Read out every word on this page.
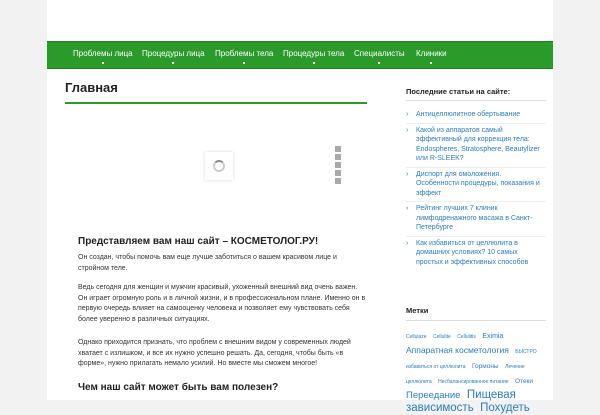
Проблемы лица Процедуры лица Проблемы тела Процедуры тела Специалисты Клиники
Главная
Представляем вам наш сайт – КОСМЕТОЛОГ.РУ!

Он создан, чтобы помочь вам еще лучше заботиться о вашем красивом лице и стройном теле.

Ведь сегодня для женщин и мужчин красивый, ухоженный внешний вид очень важен. Он играет огромную роль и в личной жизни, и в профессиональном плане. Именно он в первую очередь влияет на самооценку человека и позволяет ему чувствовать себя более уверенно в различных ситуациях.

Однако приходится признать, что проблем с внешним видом у современных людей хватает с излишком, и все их нужно успешно решать. Да, сегодня, чтобы быть «в форме», нужно прилагать немало усилий. Но вместе мы сможем многое!

Чем наш сайт может быть вам полезен?
Последние статьи на сайте:
› Антицеллюлитное обертывание
› Какой из аппаратов самый эффективный для коррекция тела: Endospheres, Stratosphere, Beautylizer или R-SLEEK?
› Диспорт для омоложения. Особенности процедуры, показания и эффект
› Рейтинг лучших 7 клиник лимфодренажного масажа в Санкт-Петербурге
› Как избавиться от целлюлита в домашних условиях? 10 самых простых и эффективных способов
Метки
Cellulaze Cellulite Cellulitis Eximia Аппаратная косметология БЫСТРО избавиться от целлюлита Гормоны Лечение целлюлита Несбалансированное питание Отеки Переедание Пищевая зависимость Похудеть
